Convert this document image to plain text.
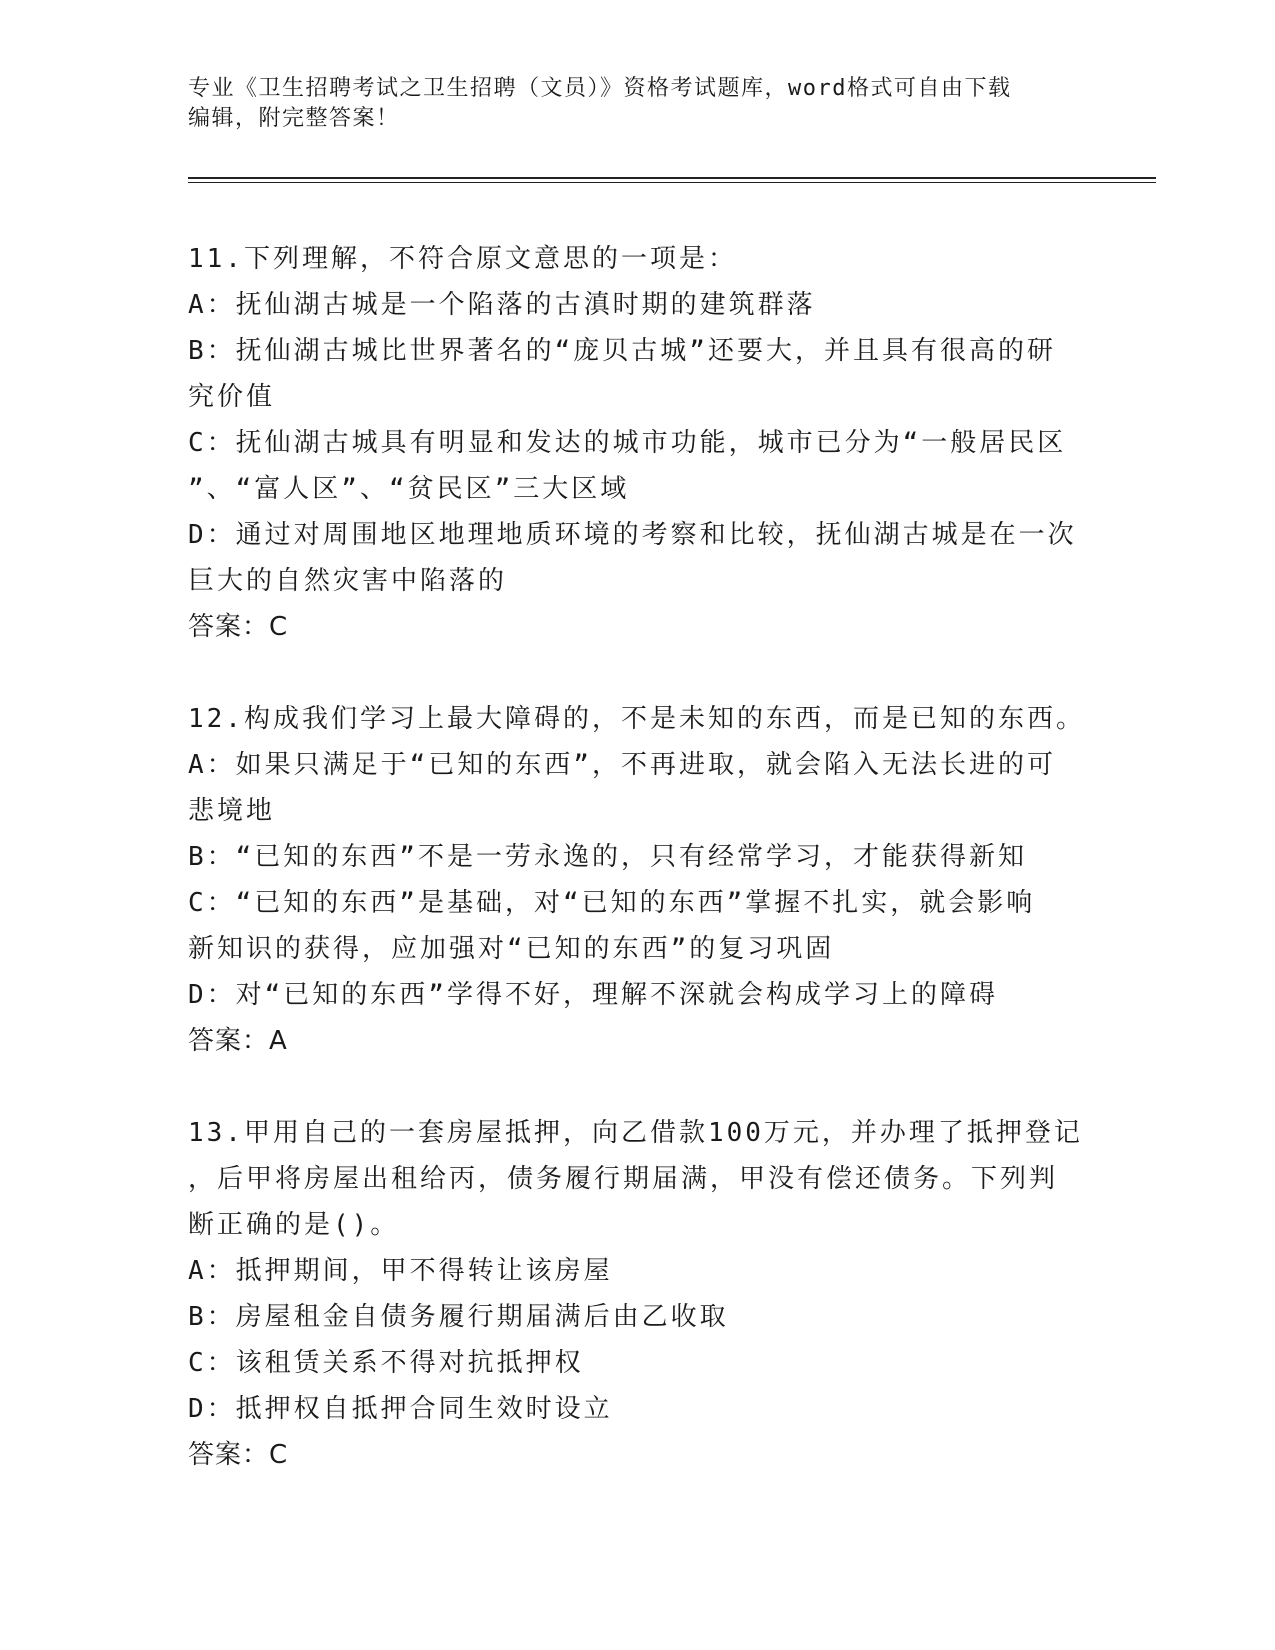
专业《卫生招聘考试之卫生招聘（文员）》资格考试题库，word格式可自由下载
编辑，附完整答案！
11.下列理解，不符合原文意思的一项是：
A：抚仙湖古城是一个陷落的古滇时期的建筑群落
B：抚仙湖古城比世界著名的“庞贝古城”还要大，并且具有很高的研
究价值
C：抚仙湖古城具有明显和发达的城市功能，城市已分为“一般居民区
”、“富人区”、“贫民区”三大区域
D：通过对周围地区地理地质环境的考察和比较，抚仙湖古城是在一次
巨大的自然灾害中陷落的
答案：C
12.构成我们学习上最大障碍的，不是未知的东西，而是已知的东西。
A：如果只满足于“已知的东西”，不再进取，就会陷入无法长进的可
悲境地
B：“已知的东西”不是一劳永逸的，只有经常学习，才能获得新知
C：“已知的东西”是基础，对“已知的东西”掌握不扎实，就会影响
新知识的获得，应加强对“已知的东西”的复习巩固
D：对“已知的东西”学得不好，理解不深就会构成学习上的障碍
答案：A
13.甲用自己的一套房屋抵押，向乙借款100万元，并办理了抵押登记
，后甲将房屋出租给丙，债务履行期届满，甲没有偿还债务。下列判
断正确的是()。
A：抵押期间，甲不得转让该房屋
B：房屋租金自债务履行期届满后由乙收取
C：该租赁关系不得对抗抵押权
D：抵押权自抵押合同生效时设立
答案：C
